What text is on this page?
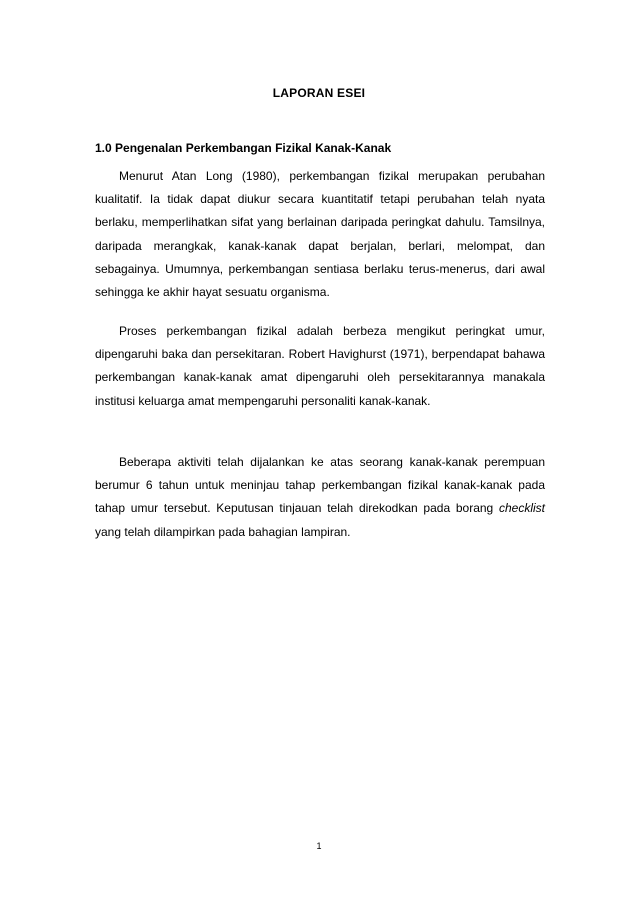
LAPORAN ESEI
1.0 Pengenalan Perkembangan Fizikal Kanak-Kanak

Menurut Atan Long (1980), perkembangan fizikal merupakan perubahan kualitatif. Ia tidak dapat diukur secara kuantitatif tetapi perubahan telah nyata berlaku, memperlihatkan sifat yang berlainan daripada peringkat dahulu. Tamsilnya, daripada merangkak, kanak-kanak dapat berjalan, berlari, melompat, dan sebagainya. Umumnya, perkembangan sentiasa berlaku terus-menerus, dari awal sehingga ke akhir hayat sesuatu organisma.

Proses perkembangan fizikal adalah berbeza mengikut peringkat umur, dipengaruhi baka dan persekitaran. Robert Havighurst (1971), berpendapat bahawa perkembangan kanak-kanak amat dipengaruhi oleh persekitarannya manakala institusi keluarga amat mempengaruhi personaliti kanak-kanak.

Beberapa aktiviti telah dijalankan ke atas seorang kanak-kanak perempuan berumur 6 tahun untuk meninjau tahap perkembangan fizikal kanak-kanak pada tahap umur tersebut. Keputusan tinjauan telah direkodkan pada borang checklist yang telah dilampirkan pada bahagian lampiran.

1
